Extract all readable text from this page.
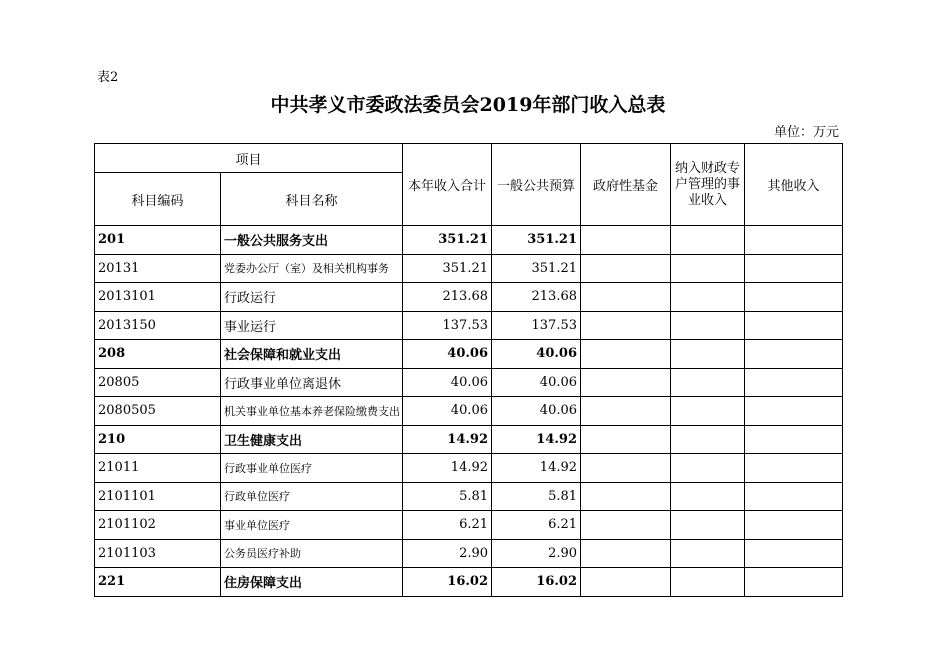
表2
中共孝义市委政法委员会2019年部门收入总表
单位：万元
项目		本年收入合计	一般公共预算	政府性基金	纳入财政专户管理的事业收入	其他收入
科目编码	科目名称					
201	一般公共服务支出	351.21	351.21			
20131	党委办公厅（室）及相关机构事务	351.21	351.21			
2013101	行政运行	213.68	213.68			
2013150	事业运行	137.53	137.53			
208	社会保障和就业支出	40.06	40.06			
20805	行政事业单位离退休	40.06	40.06			
2080505	机关事业单位基本养老保险缴费支出	40.06	40.06			
210	卫生健康支出	14.92	14.92			
21011	行政事业单位医疗	14.92	14.92			
2101101	行政单位医疗	5.81	5.81			
2101102	事业单位医疗	6.21	6.21			
2101103	公务员医疗补助	2.90	2.90			
221	住房保障支出	16.02	16.02			
